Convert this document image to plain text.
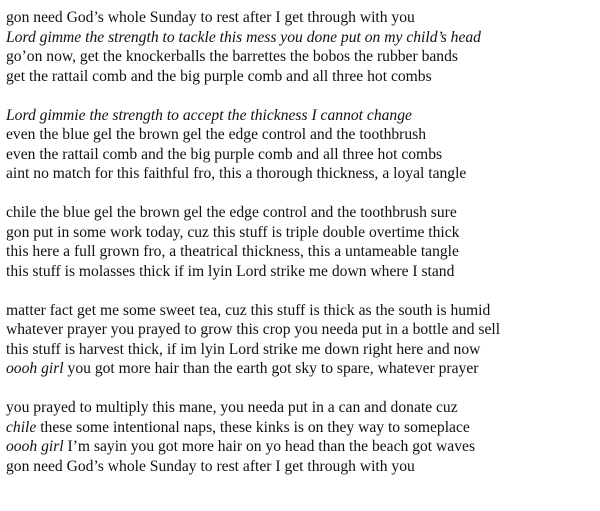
gon need God’s whole Sunday to rest after I get through with you
Lord gimme the strength to tackle this mess you done put on my child’s head
go’on now, get the knockerballs the barrettes the bobos the rubber bands
get the rattail comb and the big purple comb and all three hot combs
Lord gimmie the strength to accept the thickness I cannot change
even the blue gel the brown gel the edge control and the toothbrush
even the rattail comb and the big purple comb and all three hot combs
aint no match for this faithful fro, this a thorough thickness, a loyal tangle
chile the blue gel the brown gel the edge control and the toothbrush sure
gon put in some work today, cuz this stuff is triple double overtime thick
this here a full grown fro, a theatrical thickness, this a untameable tangle
this stuff is molasses thick if im lyin Lord strike me down where I stand
matter fact get me some sweet tea, cuz this stuff is thick as the south is humid
whatever prayer you prayed to grow this crop you needa put in a bottle and sell
this stuff is harvest thick, if im lyin Lord strike me down right here and now
oooh girl you got more hair than the earth got sky to spare, whatever prayer
you prayed to multiply this mane, you needa put in a can and donate cuz
chile these some intentional naps, these kinks is on they way to someplace
oooh girl I’m sayin you got more hair on yo head than the beach got waves
gon need God’s whole Sunday to rest after I get through with you
